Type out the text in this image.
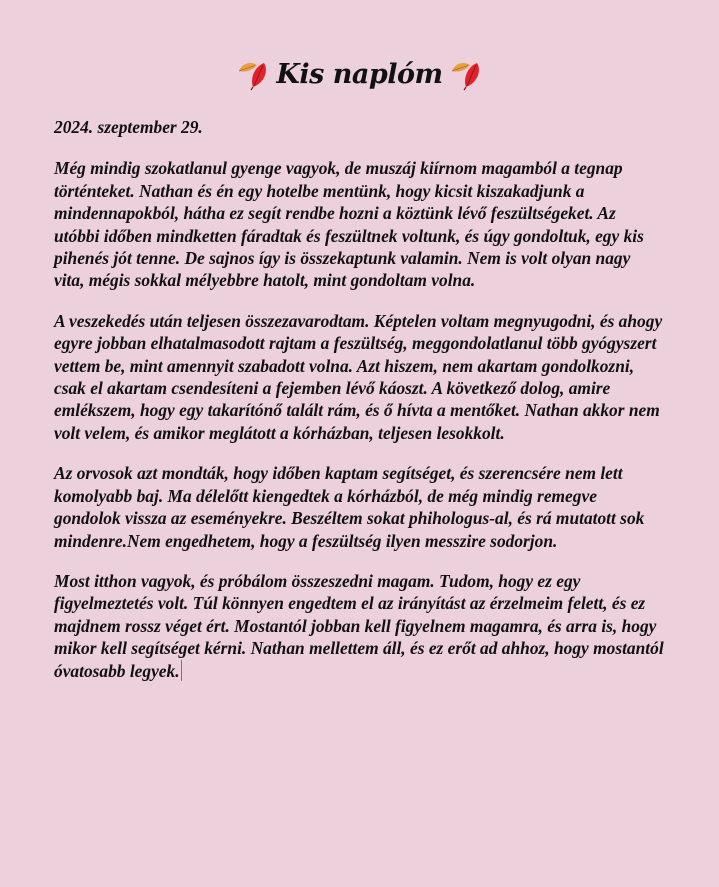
Kis naplóm

2024. szeptember 29.

Még mindig szokatlanul gyenge vagyok, de muszáj kiírnom magamból a tegnap történteket. Nathan és én egy hotelbe mentünk, hogy kicsit kiszakadjunk a mindennapokból, hátha ez segít rendbe hozni a köztünk lévő feszültségeket. Az utóbbi időben mindketten fáradtak és feszültnek voltunk, és úgy gondoltuk, egy kis pihenés jót tenne. De sajnos így is összekaptunk valamin. Nem is volt olyan nagy vita, mégis sokkal mélyebbre hatolt, mint gondoltam volna.

A veszekedés után teljesen összezavarodtam. Képtelen voltam megnyugodni, és ahogy egyre jobban elhatalmasodott rajtam a feszültség, meggondolatlanul több gyógyszert vettem be, mint amennyit szabadott volna. Azt hiszem, nem akartam gondolkozni, csak el akartam csendesíteni a fejemben lévő káoszt. A következő dolog, amire emlékszem, hogy egy takarítónő talált rám, és ő hívta a mentőket. Nathan akkor nem volt velem, és amikor meglátott a kórházban, teljesen lesokkolt.

Az orvosok azt mondták, hogy időben kaptam segítséget, és szerencsére nem lett komolyabb baj. Ma délelőtt kiengedtek a kórházból, de még mindig remegve gondolok vissza az eseményekre. Beszéltem sokat phihologus-al, és rá mutatott sok mindenre.Nem engedhetem, hogy a feszültség ilyen messzire sodorjon.

Most itthon vagyok, és próbálom összeszedni magam. Tudom, hogy ez egy figyelmeztetés volt. Túl könnyen engedtem el az irányítást az érzelmeim felett, és ez majdnem rossz véget ért. Mostantól jobban kell figyelnem magamra, és arra is, hogy mikor kell segítséget kérni. Nathan mellettem áll, és ez erőt ad ahhoz, hogy mostantól óvatosabb legyek.
